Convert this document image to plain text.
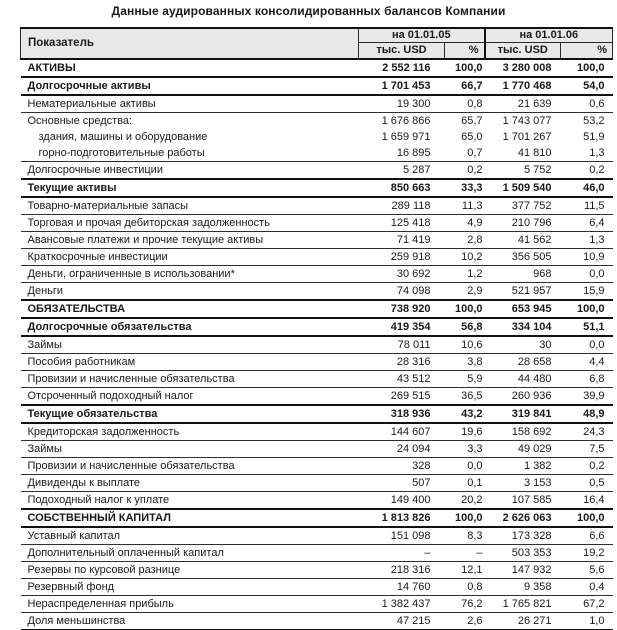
Данные аудированных консолидированных балансов Компании
Показатель	на 01.01.05		на 01.01.06	
	тыс. USD	%	тыс. USD	%
АКТИВЫ	2 552 116	100,0	3 280 008	100,0
Долгосрочные активы	1 701 453	66,7	1 770 468	54,0
Нематериальные активы	19 300	0,8	21 639	0,6
Основные средства:	1 676 866	65,7	1 743 077	53,2
здания, машины и оборудование	1 659 971	65,0	1 701 267	51,9
горно-подготовительные работы	16 895	0,7	41 810	1,3
Долгосрочные инвестиции	5 287	0,2	5 752	0,2
Текущие активы	850 663	33,3	1 509 540	46,0
Товарно-материальные запасы	289 118	11,3	377 752	11,5
Торговая и прочая дебиторская задолженность	125 418	4,9	210 796	6,4
Авансовые платежи и прочие текущие активы	71 419	2,8	41 562	1,3
Краткосрочные инвестиции	259 918	10,2	356 505	10,9
Деньги, ограниченные в использовании*	30 692	1,2	968	0,0
Деньги	74 098	2,9	521 957	15,9
ОБЯЗАТЕЛЬСТВА	738 920	100,0	653 945	100,0
Долгосрочные обязательства	419 354	56,8	334 104	51,1
Займы	78 011	10,6	30	0,0
Пособия работникам	28 316	3,8	28 658	4,4
Провизии и начисленные обязательства	43 512	5,9	44 480	6,8
Отсроченный подоходный налог	269 515	36,5	260 936	39,9
Текущие обязательства	318 936	43,2	319 841	48,9
Кредиторская задолженность	144 607	19,6	158 692	24,3
Займы	24 094	3,3	49 029	7,5
Провизии и начисленные обязательства	328	0,0	1 382	0,2
Дивиденды к выплате	507	0,1	3 153	0,5
Подоходный налог к уплате	149 400	20,2	107 585	16,4
СОБСТВЕННЫЙ КАПИТАЛ	1 813 826	100,0	2 626 063	100,0
Уставный капитал	151 098	8,3	173 328	6,6
Дополнительный оплаченный капитал	–	–	503 353	19,2
Резервы по курсовой разнице	218 316	12,1	147 932	5,6
Резервный фонд	14 760	0,8	9 358	0,4
Нераспределенная прибыль	1 382 437	76,2	1 765 821	67,2
Доля меньшинства	47 215	2,6	26 271	1,0
